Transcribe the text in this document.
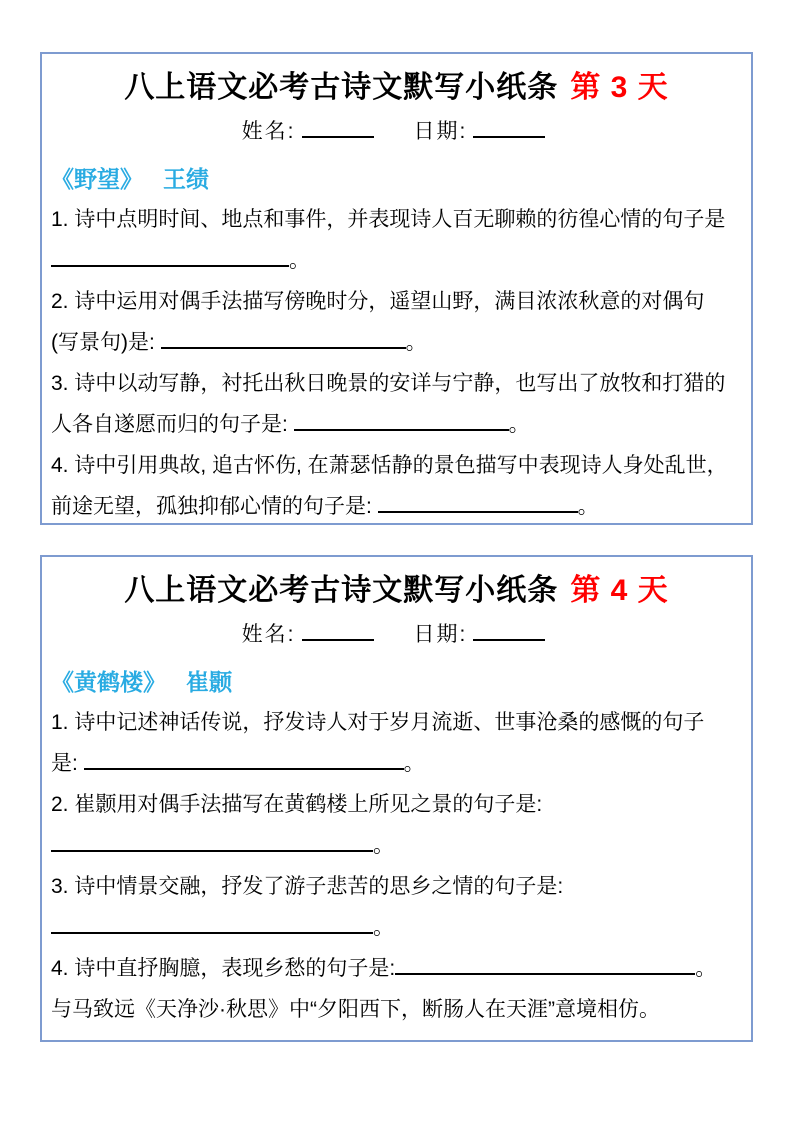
八上语文必考古诗文默写小纸条 第 3 天
姓名:	日期:
《野望》 王绩
1. 诗中点明时间、地点和事件，并表现诗人百无聊赖的彷徨心情的句子是
。
2. 诗中运用对偶手法描写傍晚时分，遥望山野，满目浓浓秋意的对偶句
(写景句)是:	。
3. 诗中以动写静，衬托出秋日晚景的安详与宁静，也写出了放牧和打猎的
人各自遂愿而归的句子是:	。
4. 诗中引用典故, 追古怀伤, 在萧瑟恬静的景色描写中表现诗人身处乱世，
前途无望，孤独抑郁心情的句子是:	。
八上语文必考古诗文默写小纸条 第 4 天
姓名:	日期:
《黄鹤楼》 崔颢
1. 诗中记述神话传说，抒发诗人对于岁月流逝、世事沧桑的感慨的句子
是:	。
2. 崔颢用对偶手法描写在黄鹤楼上所见之景的句子是:
。
3. 诗中情景交融，抒发了游子悲苦的思乡之情的句子是:
。
4. 诗中直抒胸臆，表现乡愁的句子是:	。
与马致远《天净沙·秋思》中“夕阳西下，断肠人在天涯”意境相仿。
